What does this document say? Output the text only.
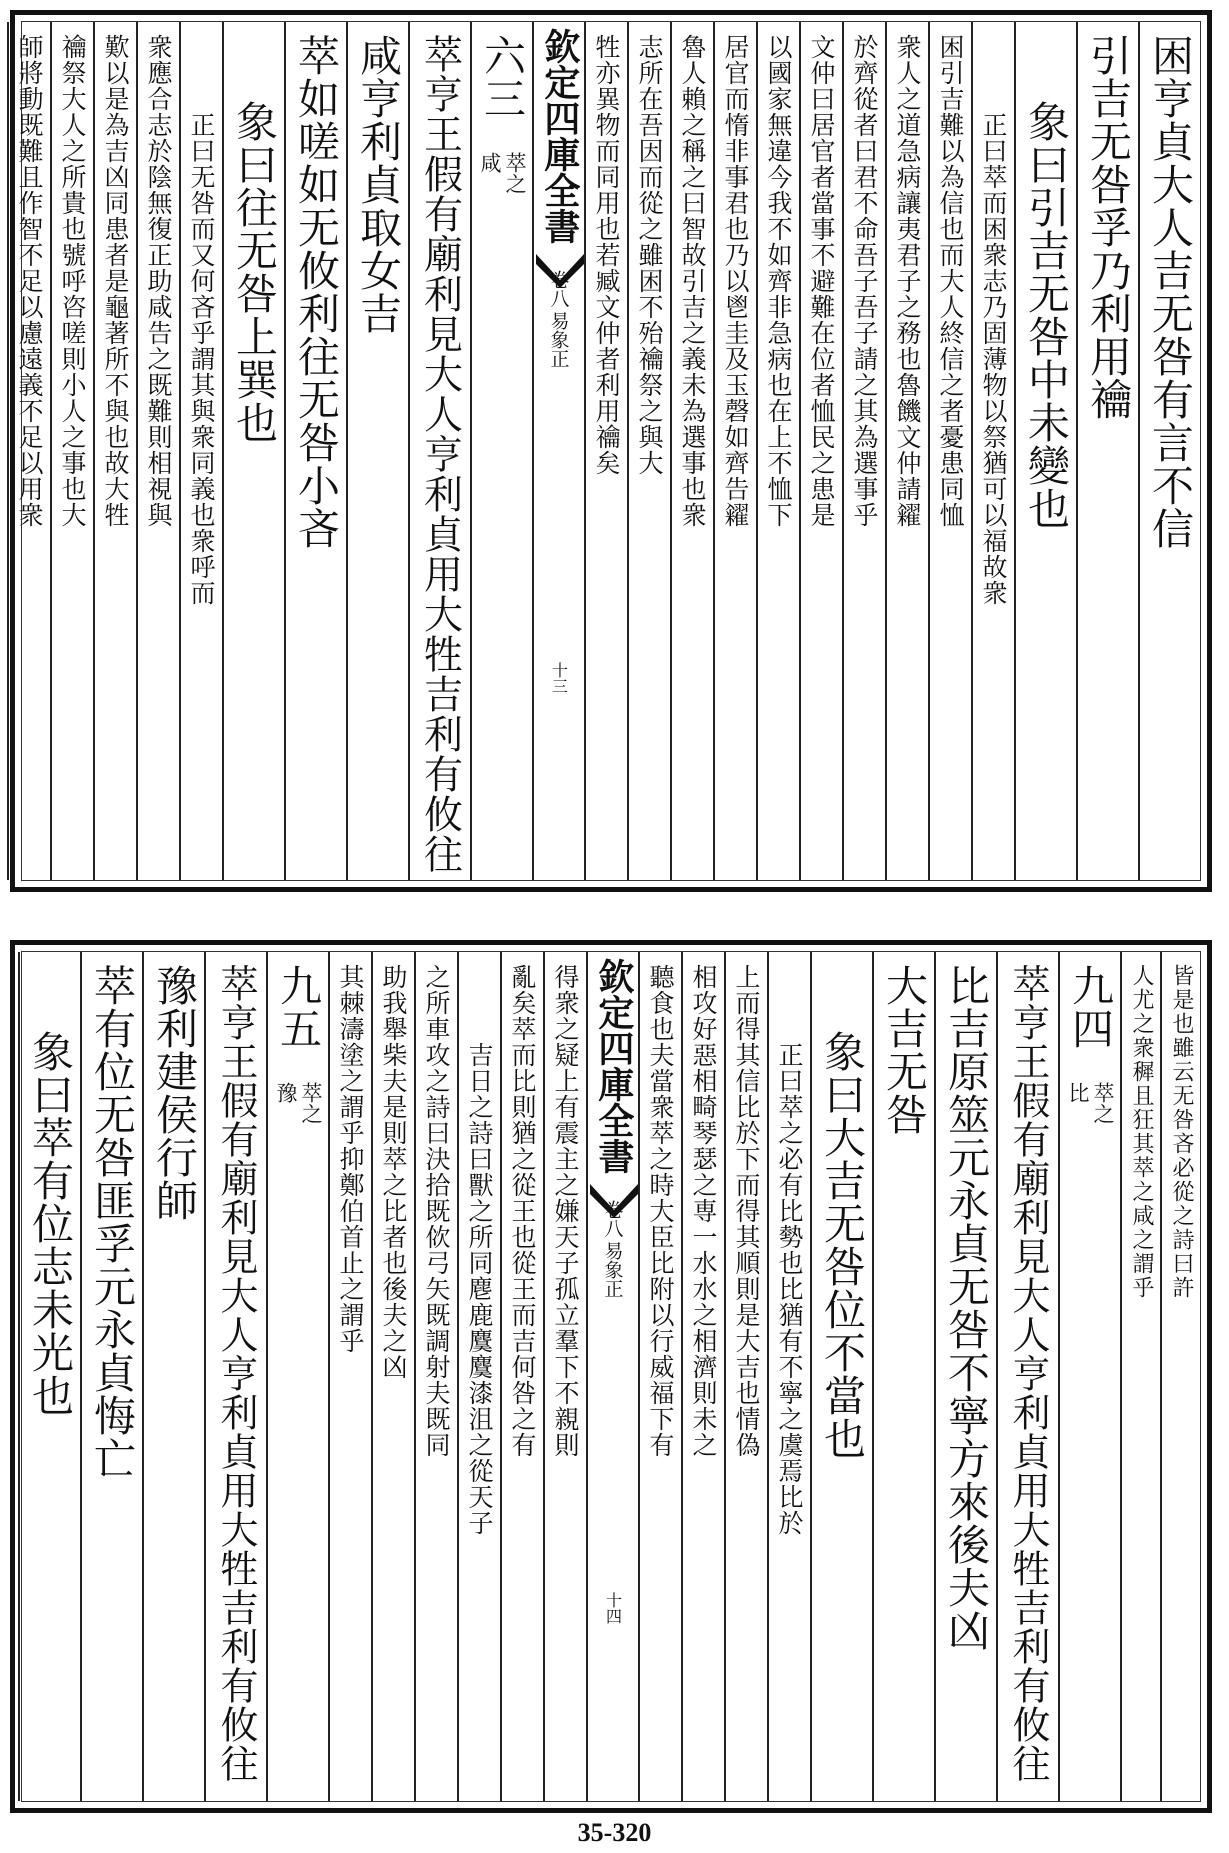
困亨貞大人吉无咎有言不信
引吉无咎孚乃利用禴
象曰引吉无咎中未變也
正曰萃而困衆志乃固薄物以祭猶可以福故衆
困引吉難以為信也而大人終信之者憂患同恤
衆人之道急病讓夷君子之務也魯饑文仲請糴
於齊從者曰君不命吾子吾子請之其為選事乎
文仲曰居官者當事不避難在位者恤民之患是
以國家無違今我不如齊非急病也在上不恤下
居官而惰非事君也乃以鬯圭及玉磬如齊告糴
魯人賴之稱之曰智故引吉之義未為選事也衆
志所在吾因而從之雖困不殆禴祭之與大
牲亦異物而同用也若臧文仲者利用禴矣
欽定四庫全書
易象正
卷八
十三
六三
萃之
咸
萃亨王假有廟利見大人亨利貞用大牲吉利有攸往
咸亨利貞取女吉
萃如嗟如无攸利往无咎小吝
象曰往无咎上巽也
正曰无咎而又何吝乎謂其與衆同義也衆呼而
衆應合志於陰無復正助咸告之既難則相視與
歎以是為吉凶同患者是龜著所不與也故大牲
禴祭大人之所貴也號呼咨嗟則小人之事也大
師將動既難且作智不足以慮遠義不足以用衆
皆是也雖云无咎吝必從之詩曰許
人尤之衆穉且狂其萃之咸之謂乎
九四
萃之
比
萃亨王假有廟利見大人亨利貞用大牲吉利有攸往
比吉原筮元永貞无咎不寧方來後夫凶
大吉无咎
象曰大吉无咎位不當也
正曰萃之必有比勢也比猶有不寧之虞焉比於
上而得其信比於下而得其順則是大吉也情偽
相攻好惡相畸琴瑟之専一水水之相濟則未之
聽食也夫當衆萃之時大臣比附以行威福下有
欽定四庫全書
易象正
卷八
十四
得衆之疑上有震主之嫌天子孤立羣下不親則
亂矣萃而比則猶之從王也從王而吉何咎之有
吉日之詩曰獸之所同麀鹿麌麌漆沮之從天子
之所車攻之詩曰決拾既佽弓矢既調射夫既同
助我舉柴夫是則萃之比者也後夫之凶
其棘濤塗之謂乎抑鄭伯首止之謂乎
九五
萃之
豫
萃亨王假有廟利見大人亨利貞用大牲吉利有攸往
豫利建侯行師
萃有位无咎匪孚元永貞悔亡
象曰萃有位志未光也
35-320
